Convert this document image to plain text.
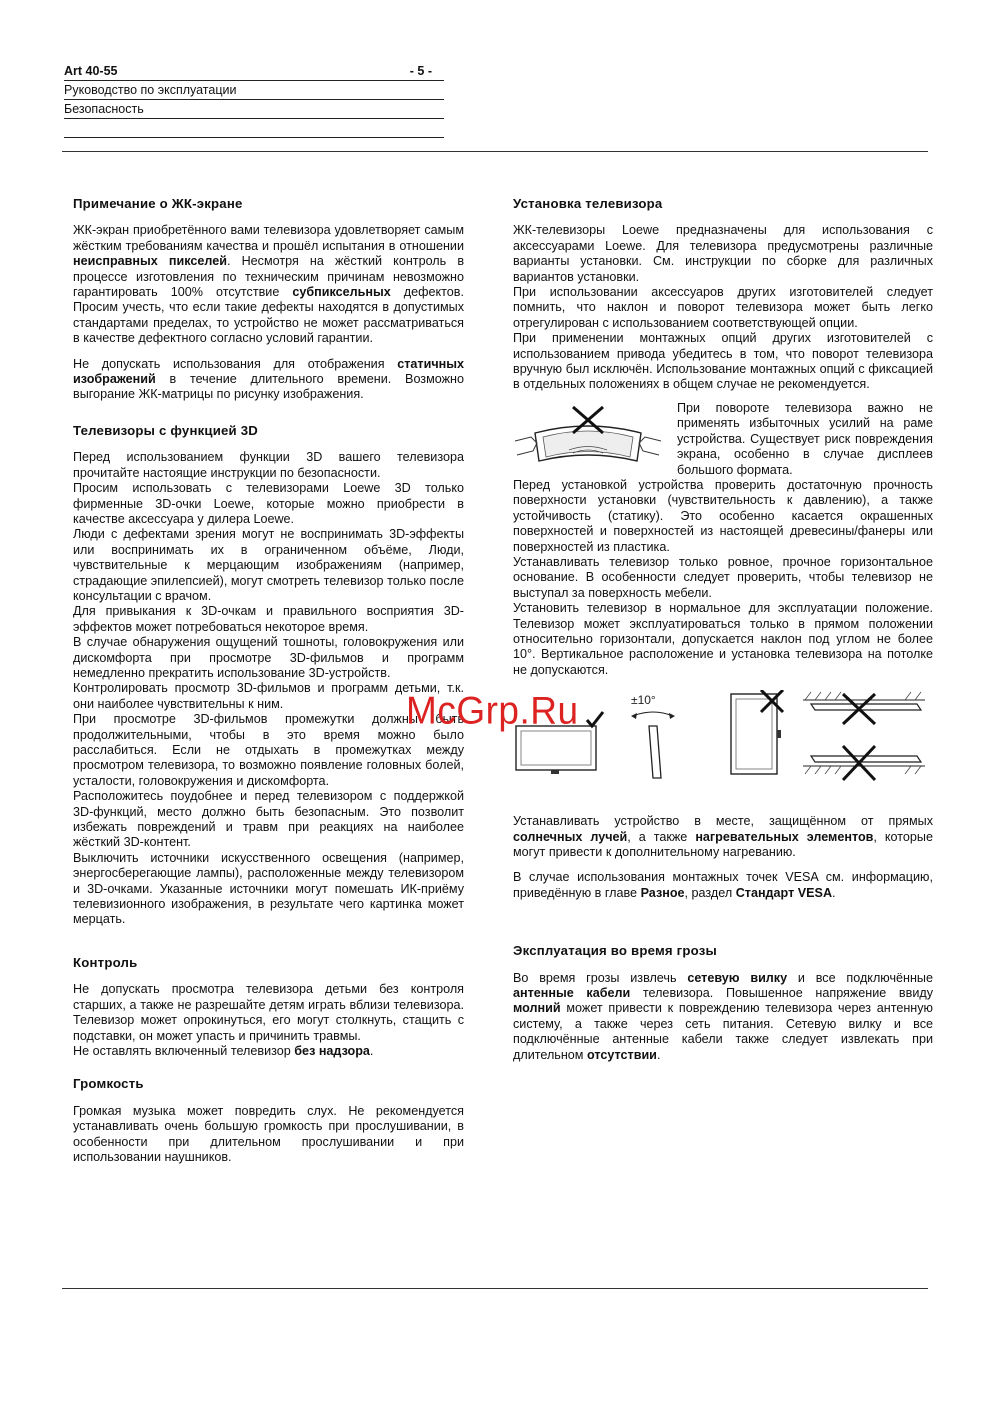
Art 40-55	- 5 -
Руководство по эксплуатации
Безопасность
Примечание о ЖК-экране

ЖК-экран приобретённого вами телевизора удовлетворяет самым жёстким требованиям качества и прошёл испытания в отношении неисправных пикселей. Несмотря на жёсткий контроль в процессе изготовления по техническим причинам невозможно гарантировать 100% отсутствие субпиксельных дефектов. Просим учесть, что если такие дефекты находятся в допустимых стандартами пределах, то устройство не может рассматриваться в качестве дефектного согласно условий гарантии.

Не допускать использования для отображения статичных изображений в течение длительного времени. Возможно выгорание ЖК-матрицы по рисунку изображения.

Телевизоры с функцией 3D

Перед использованием функции 3D вашего телевизора прочитайте настоящие инструкции по безопасности.

Просим использовать с телевизорами Loewe 3D только фирменные 3D-очки Loewe, которые можно приобрести в качестве аксессуара у дилера Loewe.

Люди с дефектами зрения могут не воспринимать 3D-эффекты или воспринимать их в ограниченном объёме, Люди, чувствительные к мерцающим изображениям (например, страдающие эпилепсией), могут смотреть телевизор только после консультации с врачом.

Для привыкания к 3D-очкам и правильного восприятия 3D-эффектов может потребоваться некоторое время.

В случае обнаружения ощущений тошноты, головокружения или дискомфорта при просмотре 3D-фильмов и программ немедленно прекратить использование 3D-устройств.

Контролировать просмотр 3D-фильмов и программ детьми, т.к. они наиболее чувствительны к ним.

При просмотре 3D-фильмов промежутки должны быть продолжительными, чтобы в это время можно было расслабиться. Если не отдыхать в промежутках между просмотром телевизора, то возможно появление головных болей, усталости, головокружения и дискомфорта.

Расположитесь поудобнее и перед телевизором с поддержкой 3D-функций, место должно быть безопасным. Это позволит избежать повреждений и травм при реакциях на наиболее жёсткий 3D-контент.

Выключить источники искусственного освещения (например, энергосберегающие лампы), расположенные между телевизором и 3D-очками. Указанные источники могут помешать ИК-приёму телевизионного изображения, в результате чего картинка может мерцать.

Контроль

Не допускать просмотра телевизора детьми без контроля старших, а также не разрешайте детям играть вблизи телевизора. Телевизор может опрокинуться, его могут столкнуть, стащить с подставки, он может упасть и причинить травмы.

Не оставлять включенный телевизор без надзора.

Громкость

Громкая музыка может повредить слух. Не рекомендуется устанавливать очень большую громкость при прослушивании, в особенности при длительном прослушивании и при использовании наушников.

Установка телевизора

ЖК-телевизоры Loewe предназначены для использования с аксессуарами Loewe. Для телевизора предусмотрены различные варианты установки. См. инструкции по сборке для различных вариантов установки.

При использовании аксессуаров других изготовителей следует помнить, что наклон и поворот телевизора может быть легко отрегулирован с использованием соответствующей опции.

При применении монтажных опций других изготовителей с использованием привода убедитесь в том, что поворот телевизора вручную был исключён. Использование монтажных опций с фиксацией в отдельных положениях в общем случае не рекомендуется.

При повороте телевизора важно не применять избыточных усилий на раме устройства. Существует риск повреждения экрана, особенно в случае дисплеев большого формата.

Перед установкой устройства проверить достаточную прочность поверхности установки (чувствительность к давлению), а также устойчивость (статику). Это особенно касается окрашенных поверхностей и поверхностей из настоящей древесины/фанеры или поверхностей из пластика.

Устанавливать телевизор только ровное, прочное горизонтальное основание. В особенности следует проверить, чтобы телевизор не выступал за поверхность мебели.

Установить телевизор в нормальное для эксплуатации положение. Телевизор может эксплуатироваться только в прямом положении относительно горизонтали, допускается наклон под углом не более 10°. Вертикальное расположение и установка телевизора на потолке не допускаются.

±10°

Устанавливать устройство в месте, защищённом от прямых солнечных лучей, а также нагревательных элементов, которые могут привести к дополнительному нагреванию.

В случае использования монтажных точек VESA см. информацию, приведённую в главе Разное, раздел Стандарт VESA.

Эксплуатация во время грозы

Во время грозы извлечь сетевую вилку и все подключённые антенные кабели телевизора. Повышенное напряжение ввиду молний может привести к повреждению телевизора через антенную систему, а также через сеть питания. Сетевую вилку и все подключённые антенные кабели также следует извлекать при длительном отсутствии.

McGrp.Ru
